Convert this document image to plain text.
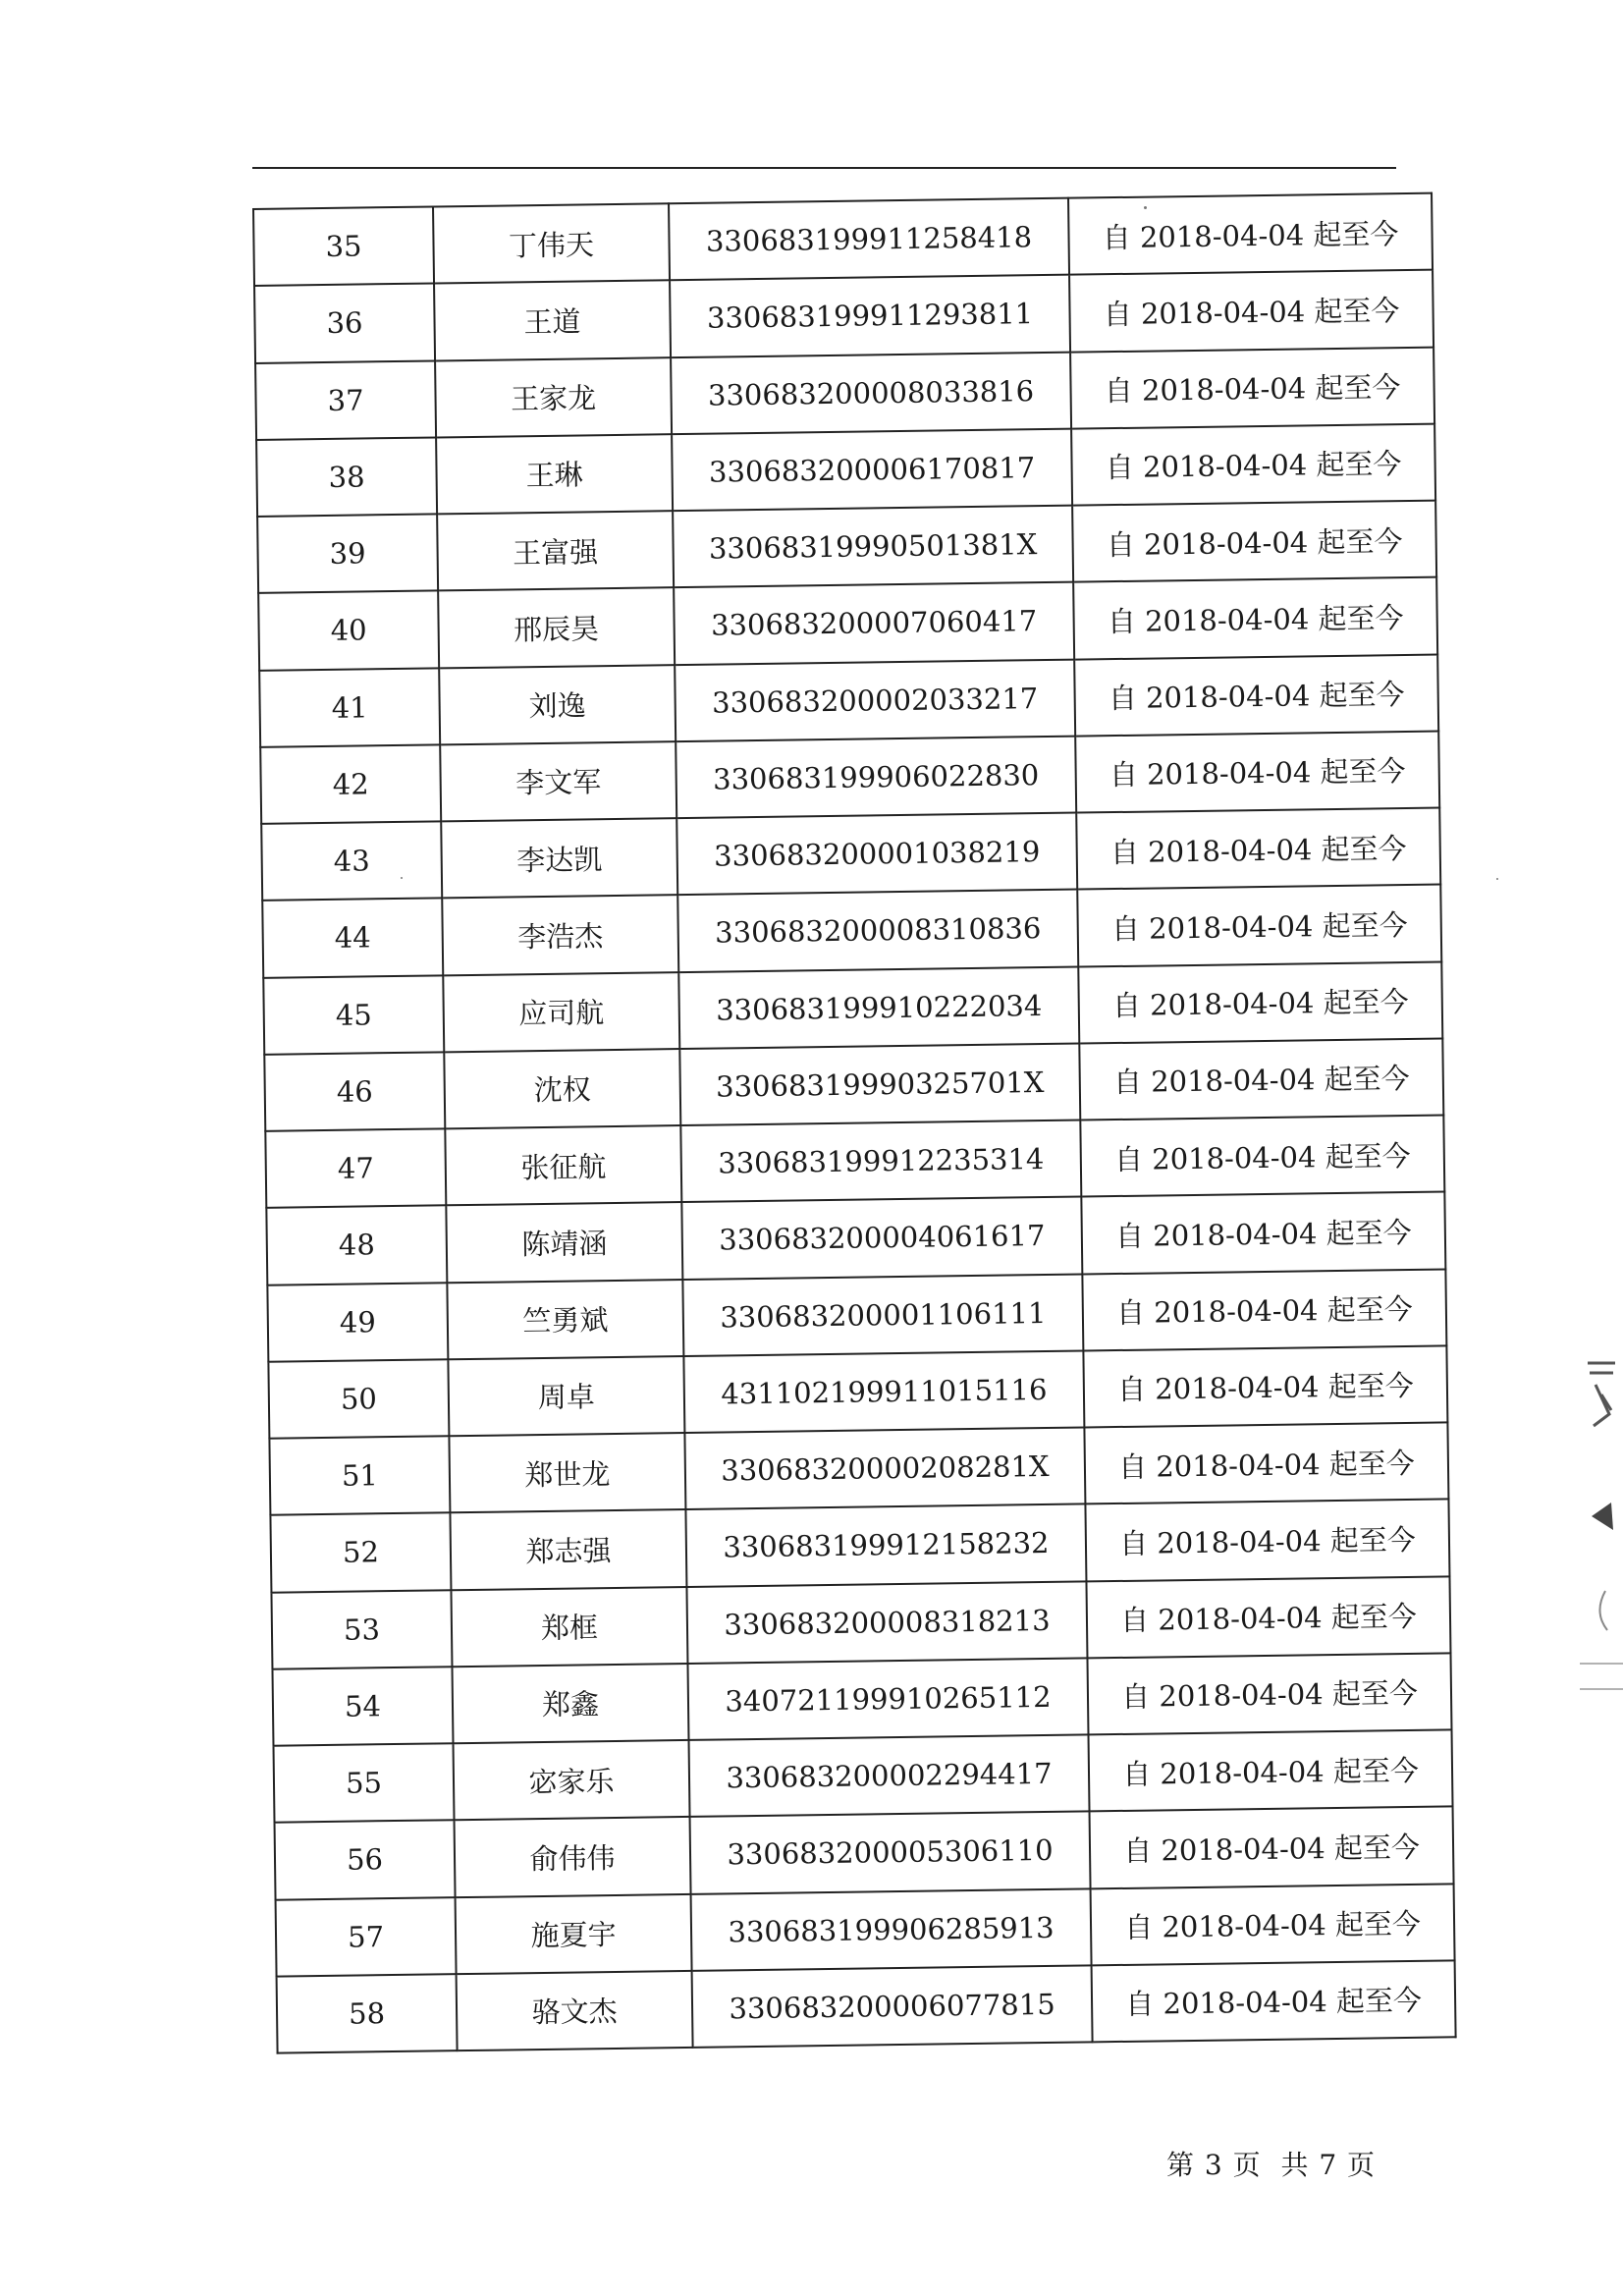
35	丁伟天	330683199911258418	自 2018-04-04 起至今
36	王道	330683199911293811	自 2018-04-04 起至今
37	王家龙	330683200008033816	自 2018-04-04 起至今
38	王琳	330683200006170817	自 2018-04-04 起至今
39	王富强	33068319990501381X	自 2018-04-04 起至今
40	邢辰昊	330683200007060417	自 2018-04-04 起至今
41	刘逸	330683200002033217	自 2018-04-04 起至今
42	李文军	330683199906022830	自 2018-04-04 起至今
43	李达凯	330683200001038219	自 2018-04-04 起至今
44	李浩杰	330683200008310836	自 2018-04-04 起至今
45	应司航	330683199910222034	自 2018-04-04 起至今
46	沈权	33068319990325701X	自 2018-04-04 起至今
47	张征航	330683199912235314	自 2018-04-04 起至今
48	陈靖涵	330683200004061617	自 2018-04-04 起至今
49	竺勇斌	330683200001106111	自 2018-04-04 起至今
50	周卓	431102199911015116	自 2018-04-04 起至今
51	郑世龙	33068320000208281X	自 2018-04-04 起至今
52	郑志强	330683199912158232	自 2018-04-04 起至今
53	郑框	330683200008318213	自 2018-04-04 起至今
54	郑鑫	340721199910265112	自 2018-04-04 起至今
55	宓家乐	330683200002294417	自 2018-04-04 起至今
56	俞伟伟	330683200005306110	自 2018-04-04 起至今
57	施夏宇	330683199906285913	自 2018-04-04 起至今
58	骆文杰	330683200006077815	自 2018-04-04 起至今
第 3 页 共 7 页
